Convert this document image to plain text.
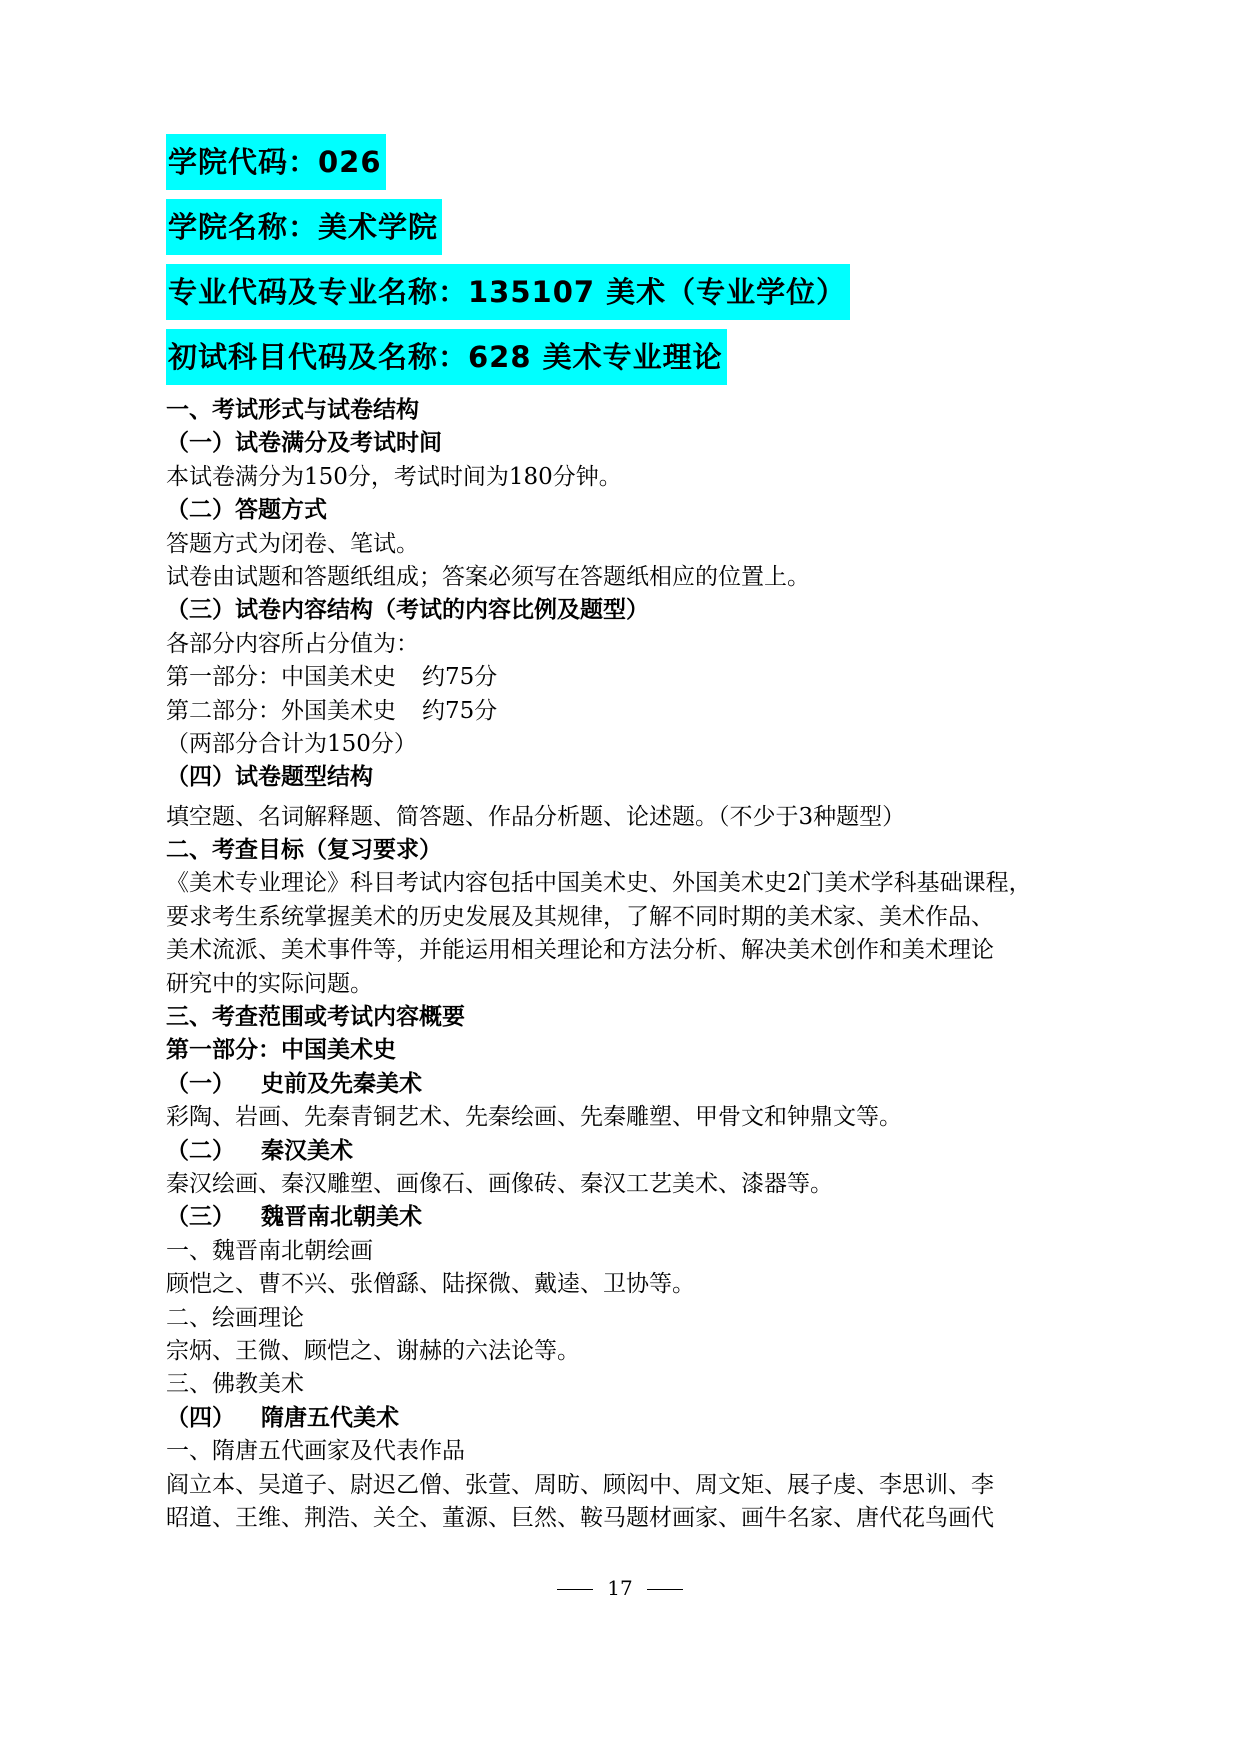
学院代码：026
学院名称：美术学院
专业代码及专业名称：135107 美术（专业学位）
初试科目代码及名称：628 美术专业理论
一、考试形式与试卷结构
（一）试卷满分及考试时间
本试卷满分为150分，考试时间为180分钟。
（二）答题方式
答题方式为闭卷、笔试。
试卷由试题和答题纸组成；答案必须写在答题纸相应的位置上。
（三）试卷内容结构（考试的内容比例及题型）
各部分内容所占分值为：
第一部分：中国美术史 约75分
第二部分：外国美术史 约75分
（两部分合计为150分）
（四）试卷题型结构
填空题、名词解释题、简答题、作品分析题、论述题。（不少于3种题型）
二、考查目标（复习要求）
《美术专业理论》科目考试内容包括中国美术史、外国美术史2门美术学科基础课程，
要求考生系统掌握美术的历史发展及其规律，了解不同时期的美术家、美术作品、
美术流派、美术事件等，并能运用相关理论和方法分析、解决美术创作和美术理论
研究中的实际问题。
三、考查范围或考试内容概要
第一部分：中国美术史
（一） 史前及先秦美术
彩陶、岩画、先秦青铜艺术、先秦绘画、先秦雕塑、甲骨文和钟鼎文等。
（二） 秦汉美术
秦汉绘画、秦汉雕塑、画像石、画像砖、秦汉工艺美术、漆器等。
（三） 魏晋南北朝美术
一、魏晋南北朝绘画
顾恺之、曹不兴、张僧繇、陆探微、戴逵、卫协等。
二、绘画理论
宗炳、王微、顾恺之、谢赫的六法论等。
三、佛教美术
（四） 隋唐五代美术
一、隋唐五代画家及代表作品
阎立本、吴道子、尉迟乙僧、张萱、周昉、顾闳中、周文矩、展子虔、李思训、李
昭道、王维、荆浩、关仝、董源、巨然、鞍马题材画家、画牛名家、唐代花鸟画代
17
